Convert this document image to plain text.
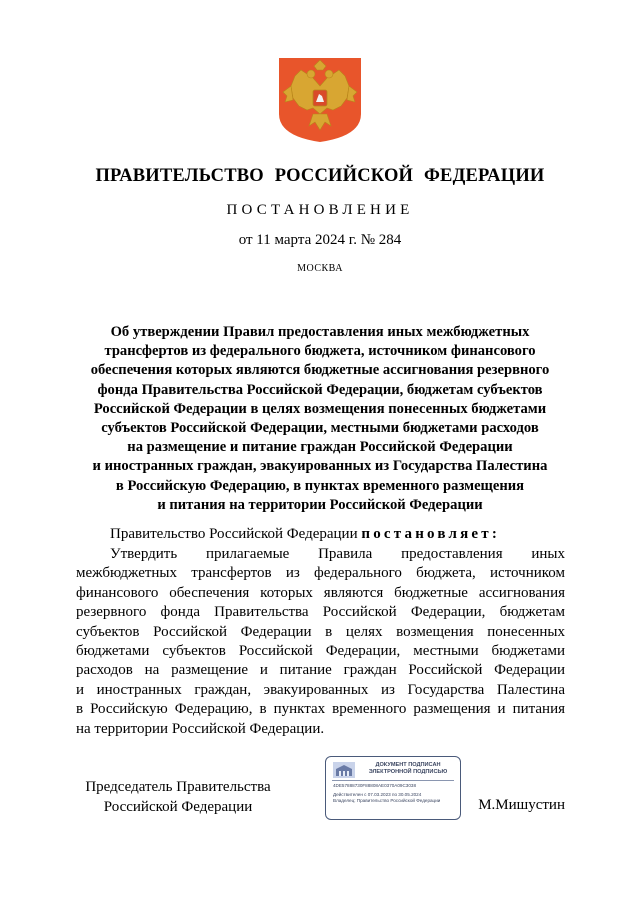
ПРАВИТЕЛЬСТВО РОССИЙСКОЙ ФЕДЕРАЦИИ
ПОСТАНОВЛЕНИЕ
от 11 марта 2024 г. № 284
МОСКВА
Об утверждении Правил предоставления иных межбюджетных
трансфертов из федерального бюджета, источником финансового
обеспечения которых являются бюджетные ассигнования резервного
фонда Правительства Российской Федерации, бюджетам субъектов
Российской Федерации в целях возмещения понесенных бюджетами
субъектов Российской Федерации, местными бюджетами расходов
на размещение и питание граждан Российской Федерации
и иностранных граждан, эвакуированных из Государства Палестина
в Российскую Федерацию, в пунктах временного размещения
и питания на территории Российской Федерации
Правительство Российской Федерации постановляет:
Утвердить прилагаемые Правила предоставления иных
межбюджетных трансфертов из федерального бюджета, источником
финансового обеспечения которых являются бюджетные ассигнования
резервного фонда Правительства Российской Федерации, бюджетам
субъектов Российской Федерации в целях возмещения понесенных
бюджетами субъектов Российской Федерации, местными бюджетами
расходов на размещение и питание граждан Российской Федерации
и иностранных граждан, эвакуированных из Государства Палестина
в Российскую Федерацию, в пунктах временного размещения и питания
на территории Российской Федерации.
Председатель Правительства
Российской Федерации
ДОКУМЕНТ ПОДПИСАН
ЭЛЕКТРОННОЙ ПОДПИСЬЮ
4DE57888730F88808AE0370A09C3038
Действителен с 07.03.2023 по 30.05.2024
Владелец: Правительство Российской Федерации	М.Мишустин
